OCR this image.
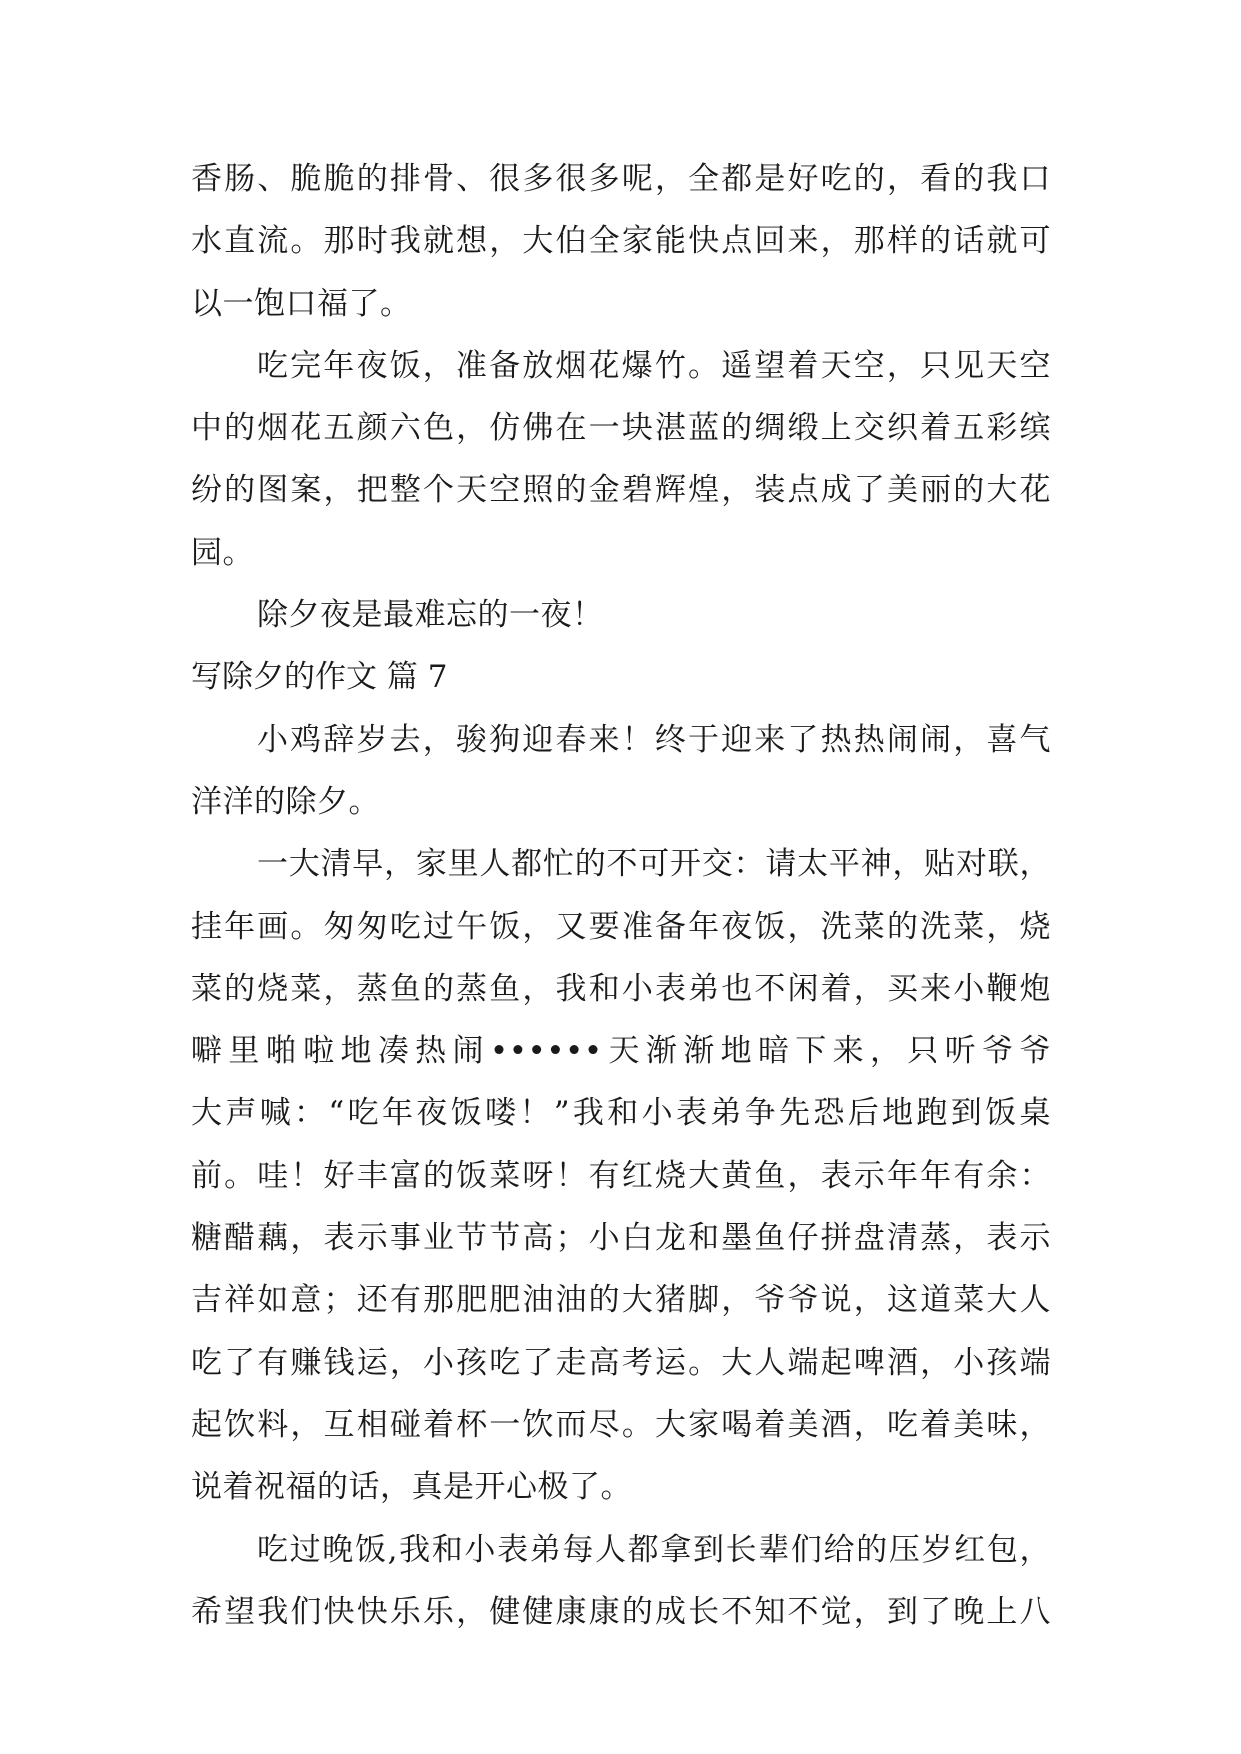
香肠、脆脆的排骨、很多很多呢，全都是好吃的，看的我口
水直流。那时我就想，大伯全家能快点回来，那样的话就可
以一饱口福了。
吃完年夜饭，准备放烟花爆竹。遥望着天空，只见天空
中的烟花五颜六色，仿佛在一块湛蓝的绸缎上交织着五彩缤
纷的图案，把整个天空照的金碧辉煌，装点成了美丽的大花
园。
除夕夜是最难忘的一夜！
写除夕的作文 篇 7
小鸡辞岁去，骏狗迎春来！终于迎来了热热闹闹，喜气
洋洋的除夕。
一大清早，家里人都忙的不可开交：请太平神，贴对联，
挂年画。匆匆吃过午饭，又要准备年夜饭，洗菜的洗菜，烧
菜的烧菜，蒸鱼的蒸鱼，我和小表弟也不闲着，买来小鞭炮
噼里啪啦地凑热闹••••••天渐渐地暗下来，只听爷爷
大声喊：“吃年夜饭喽！”我和小表弟争先恐后地跑到饭桌
前。哇！好丰富的饭菜呀！有红烧大黄鱼，表示年年有余：
糖醋藕，表示事业节节高；小白龙和墨鱼仔拼盘清蒸，表示
吉祥如意；还有那肥肥油油的大猪脚，爷爷说，这道菜大人
吃了有赚钱运，小孩吃了走高考运。大人端起啤酒，小孩端
起饮料，互相碰着杯一饮而尽。大家喝着美酒，吃着美味，
说着祝福的话，真是开心极了。
吃过晚饭,我和小表弟每人都拿到长辈们给的压岁红包，
希望我们快快乐乐，健健康康的成长不知不觉，到了晚上八
